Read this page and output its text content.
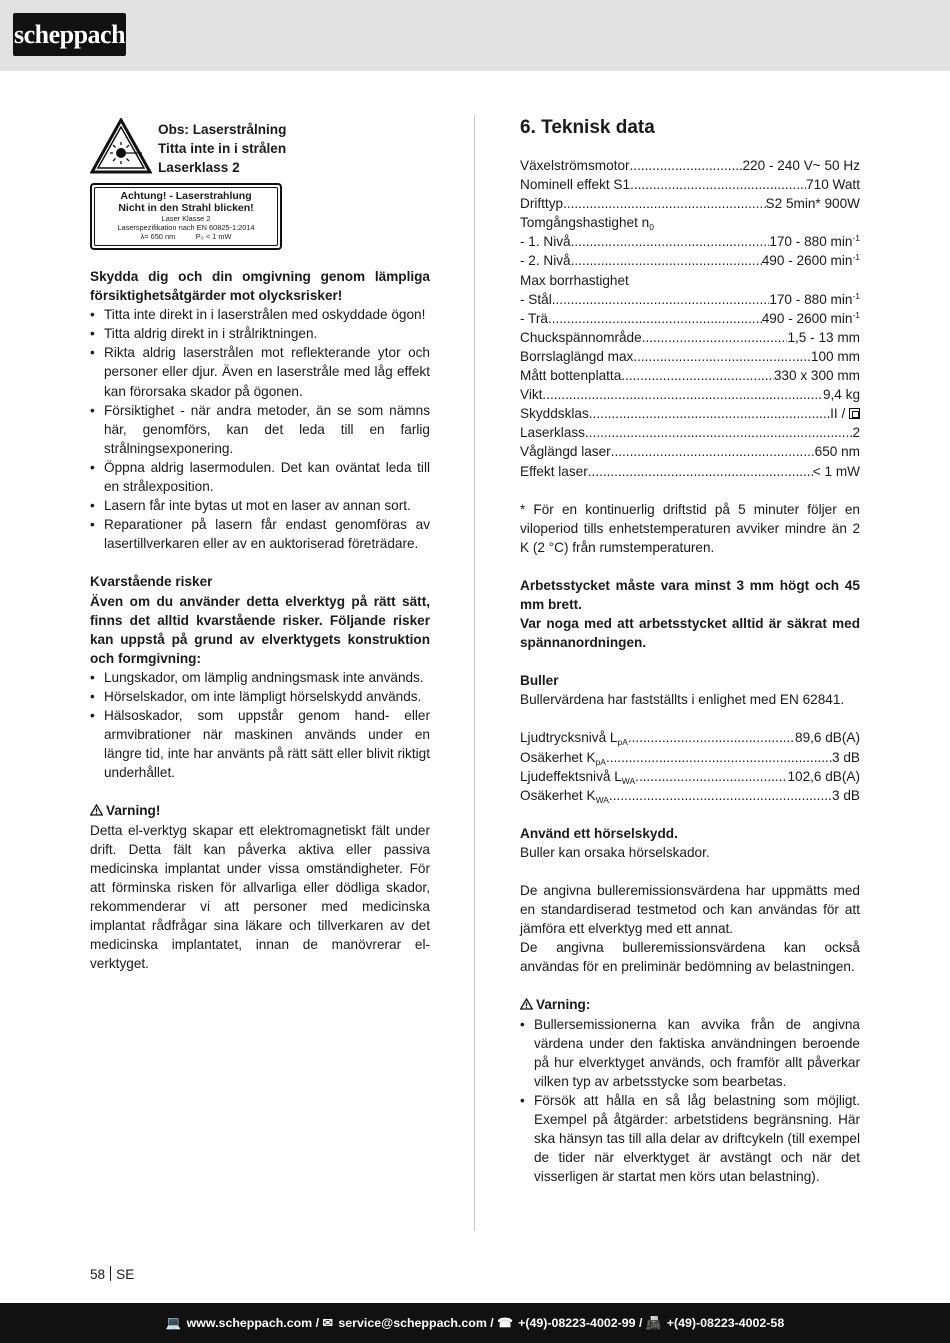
scheppach
Obs: Laserstrålning
Titta inte in i strålen
Laserklass 2
Achtung! - Laserstrahlung
Nicht in den Strahl blicken!
Laser Klasse 2
Laserspezifikation nach EN 60825-1:2014
λ= 650 nm          P₀ < 1 mW

Skydda dig och din omgivning genom lämpliga försiktighetsåtgärder mot olycksrisker!

• Titta inte direkt in i laserstrålen med oskyddade ögon!
• Titta aldrig direkt in i strålriktningen.
• Rikta aldrig laserstrålen mot reflekterande ytor och personer eller djur. Även en laserstråle med låg effekt kan förorsaka skador på ögonen.
• Försiktighet - när andra metoder, än se som nämns här, genomförs, kan det leda till en farlig strålningsexponering.
• Öppna aldrig lasermodulen. Det kan oväntat leda till en strålexposition.
• Lasern får inte bytas ut mot en laser av annan sort.
• Reparationer på lasern får endast genomföras av lasertillverkaren eller av en auktoriserad företrädare.

Kvarstående risker

Även om du använder detta elverktyg på rätt sätt, finns det alltid kvarstående risker. Följande risker kan uppstå på grund av elverktygets konstruktion och formgivning:

• Lungskador, om lämplig andningsmask inte används.
• Hörselskador, om inte lämpligt hörselskydd används.
• Hälsoskador, som uppstår genom hand- eller armvibrationer när maskinen används under en längre tid, inte har använts på rätt sätt eller blivit riktigt underhållet.

Varning!

Detta el-verktyg skapar ett elektromagnetiskt fält under drift. Detta fält kan påverka aktiva eller passiva medicinska implantat under vissa omständigheter. För att förminska risken för allvarliga eller dödliga skador, rekommenderar vi att personer med medicinska implantat rådfrågar sina läkare och tillverkaren av det medicinska implantatet, innan de manövrerar el-verktyget.

6. Teknisk data
Växelströmsmotor .....	220 - 240 V~ 50 Hz
Nominell effekt S1 .....	710 Watt
Drifttyp .....	S2 5min* 900W
Tomgångshastighet $n_0$
- 1. Nivå .....	170 - 880 $\min^{-1}$
- 2. Nivå .....	490 - 2600 $\min^{-1}$
Max borrhastighet
- Stål .....	170 - 880 $\min^{-1}$
- Trä .....	490 - 2600 $\min^{-1}$
Chuckspännområde .....	1,5 - 13 mm
Borrslaglängd max. .....	100 mm
Mått bottenplatta .....	330 x 300 mm
Vikt .....	9,4 kg
Skyddsklas .....	II /
Laserklass .....	2
Våglängd laser .....	650 nm
Effekt laser .....	< 1 mW

* För en kontinuerlig driftstid på 5 minuter följer en viloperiod tills enhetstemperaturen avviker mindre än 2 K (2 °C) från rumstemperaturen.

Arbetsstycket måste vara minst 3 mm högt och 45 mm brett.

Var noga med att arbetsstycket alltid är säkrat med spännanordningen.

Buller

Bullervärdena har fastställts i enlighet med EN 62841.

Ljudtrycksnivå $L_{pA}$ .....	89,6 dB(A)
Osäkerhet $K_{pA}$ .....	3 dB
Ljudeffektsnivå $L_{WA}$ .....	102,6 dB(A)
Osäkerhet $K_{WA}$ .....	3 dB

Använd ett hörselskydd.

Buller kan orsaka hörselskador.

De angivna bulleremissionsvärdena har uppmätts med en standardiserad testmetod och kan användas för att jämföra ett elverktyg med ett annat.

De angivna bulleremissionsvärdena kan också användas för en preliminär bedömning av belastningen.

Varning:

• Bullersemissionerna kan avvika från de angivna värdena under den faktiska användningen beroende på hur elverktyget används, och framför allt påverkar vilken typ av arbetsstycke som bearbetas.
• Försök att hålla en så låg belastning som möjligt. Exempel på åtgärder: arbetstidens begränsning. Här ska hänsyn tas till alla delar av driftcykeln (till exempel de tider när elverktyget är avstängt och när det visserligen är startat men körs utan belastning).
58 SE
💻 www.scheppach.com / ✉ service@scheppach.com / ☎ +(49)-08223-4002-99 / 📠 +(49)-08223-4002-58
